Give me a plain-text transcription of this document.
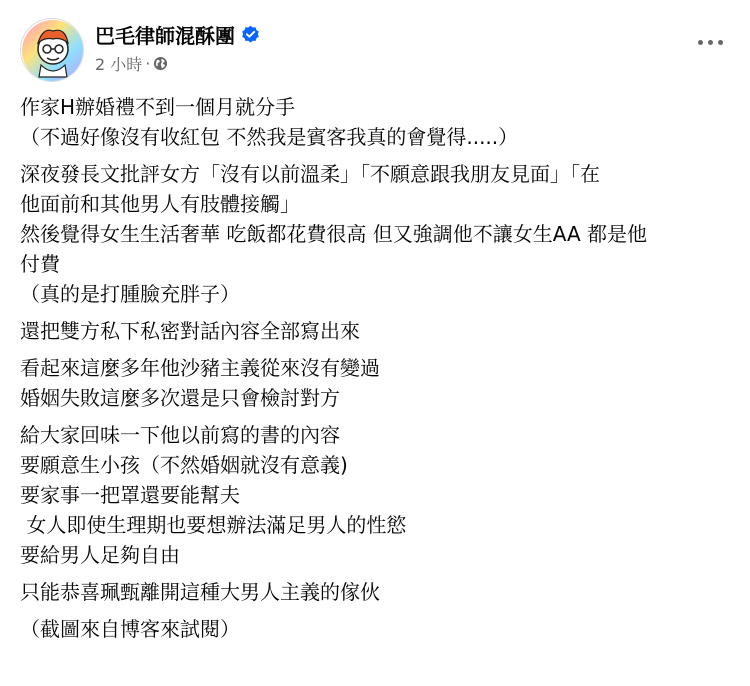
巴毛律師混酥團
2 小時 ·
作家H辦婚禮不到一個月就分手
（不過好像沒有收紅包 不然我是賓客我真的會覺得.....）
深夜發長文批評女方「沒有以前溫柔」「不願意跟我朋友見面」「在
他面前和其他男人有肢體接觸」
然後覺得女生生活奢華 吃飯都花費很高 但又強調他不讓女生AA 都是他
付費
（真的是打腫臉充胖子）
還把雙方私下私密對話內容全部寫出來
看起來這麼多年他沙豬主義從來沒有變過
婚姻失敗這麼多次還是只會檢討對方
給大家回味一下他以前寫的書的內容
要願意生小孩（不然婚姻就沒有意義)
要家事一把罩還要能幫夫
女人即使生理期也要想辦法滿足男人的性慾
要給男人足夠自由
只能恭喜珮甄離開這種大男人主義的傢伙
（截圖來自博客來試閱）
